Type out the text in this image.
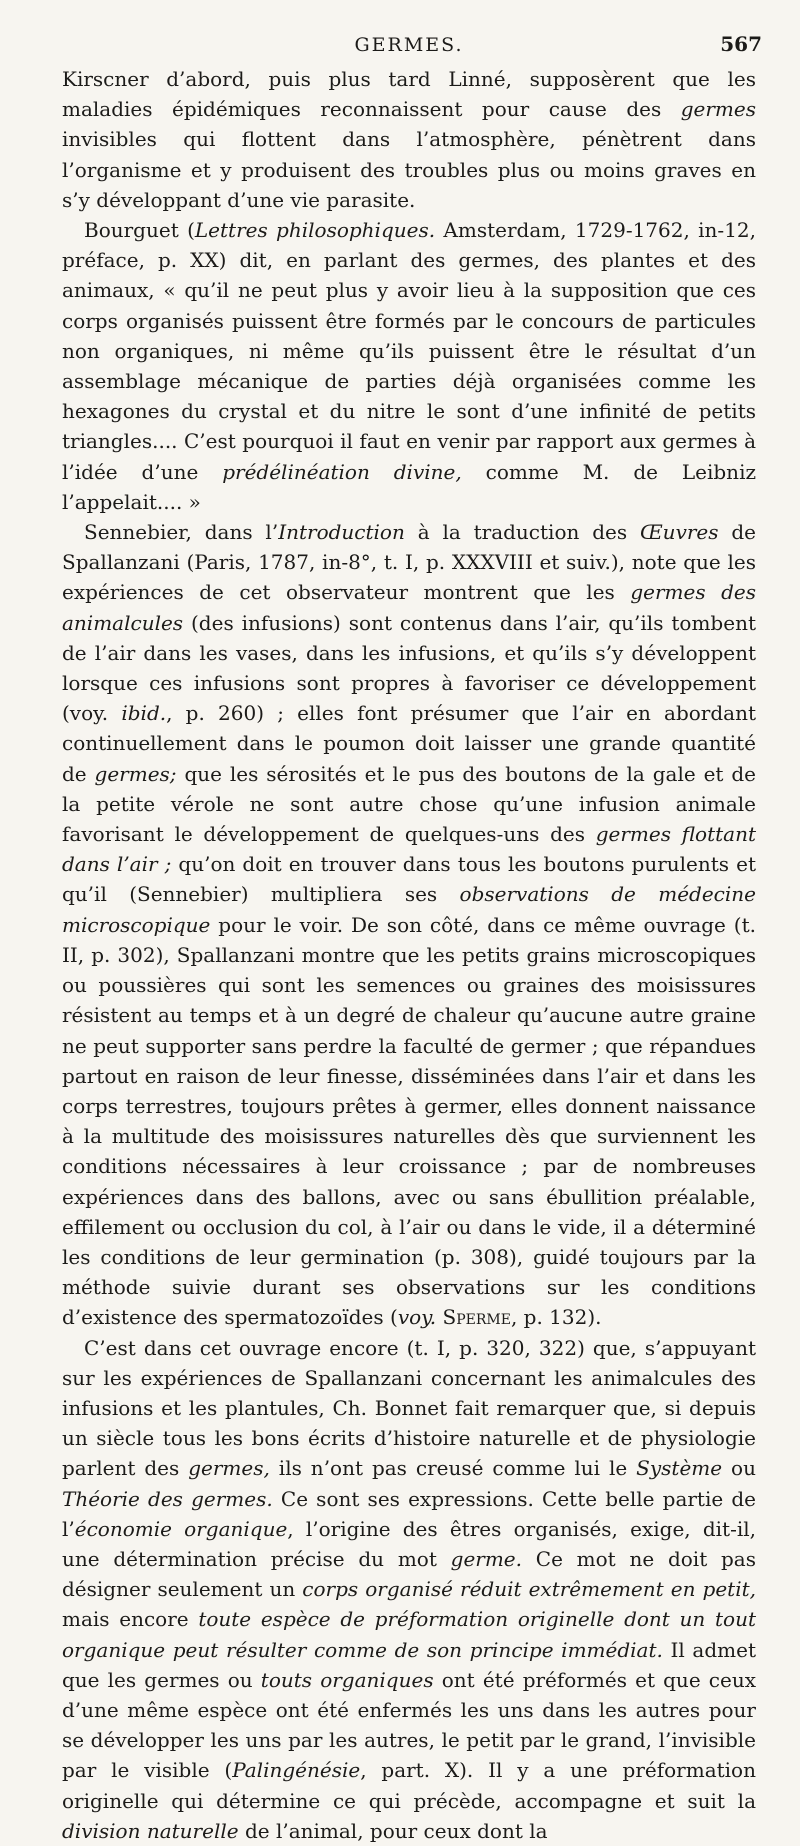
GERMES.	567

Kirscner d’abord, puis plus tard Linné, supposèrent que les maladies épidémiques reconnaissent pour cause des germes invisibles qui flottent dans l’atmosphère, pénètrent dans l’organisme et y produisent des troubles plus ou moins graves en s’y développant d’une vie parasite.

Bourguet (Lettres philosophiques. Amsterdam, 1729-1762, in-12, préface, p. XX) dit, en parlant des germes, des plantes et des animaux, « qu’il ne peut plus y avoir lieu à la supposition que ces corps organisés puissent être formés par le concours de particules non organiques, ni même qu’ils puissent être le résultat d’un assemblage mécanique de parties déjà organisées comme les hexagones du crystal et du nitre le sont d’une infinité de petits triangles.... C’est pourquoi il faut en venir par rapport aux germes à l’idée d’une prédélinéation divine, comme M. de Leibniz l’appelait.... »

Sennebier, dans l’Introduction à la traduction des Œuvres de Spallanzani (Paris, 1787, in-8°, t. I, p. XXXVIII et suiv.), note que les expériences de cet observateur montrent que les germes des animalcules (des infusions) sont contenus dans l’air, qu’ils tombent de l’air dans les vases, dans les infusions, et qu’ils s’y développent lorsque ces infusions sont propres à favoriser ce développement (voy. ibid., p. 260) ; elles font présumer que l’air en abordant continuellement dans le poumon doit laisser une grande quantité de germes; que les sérosités et le pus des boutons de la gale et de la petite vérole ne sont autre chose qu’une infusion animale favorisant le développement de quelques-uns des germes flottant dans l’air ; qu’on doit en trouver dans tous les boutons purulents et qu’il (Sennebier) multipliera ses observations de médecine microscopique pour le voir. De son côté, dans ce même ouvrage (t. II, p. 302), Spallanzani montre que les petits grains microscopiques ou poussières qui sont les semences ou graines des moisissures résistent au temps et à un degré de chaleur qu’aucune autre graine ne peut supporter sans perdre la faculté de germer ; que répandues partout en raison de leur finesse, disséminées dans l’air et dans les corps terrestres, toujours prêtes à germer, elles donnent naissance à la multitude des moisissures naturelles dès que surviennent les conditions nécessaires à leur croissance ; par de nombreuses expériences dans des ballons, avec ou sans ébullition préalable, effilement ou occlusion du col, à l’air ou dans le vide, il a déterminé les conditions de leur germination (p. 308), guidé toujours par la méthode suivie durant ses observations sur les conditions d’existence des spermatozoïdes (voy. Sperme, p. 132).

C’est dans cet ouvrage encore (t. I, p. 320, 322) que, s’appuyant sur les expériences de Spallanzani concernant les animalcules des infusions et les plantules, Ch. Bonnet fait remarquer que, si depuis un siècle tous les bons écrits d’histoire naturelle et de physiologie parlent des germes, ils n’ont pas creusé comme lui le Système ou Théorie des germes. Ce sont ses expressions. Cette belle partie de l’économie organique, l’origine des êtres organisés, exige, dit-il, une détermination précise du mot germe. Ce mot ne doit pas désigner seulement un corps organisé réduit extrêmement en petit, mais encore toute espèce de préformation originelle dont un tout organique peut résulter comme de son principe immédiat. Il admet que les germes ou touts organiques ont été préformés et que ceux d’une même espèce ont été enfermés les uns dans les autres pour se développer les uns par les autres, le petit par le grand, l’invisible par le visible (Palingénésie, part. X). Il y a une préformation originelle qui détermine ce qui précède, accompagne et suit la division naturelle de l’animal, pour ceux dont la
